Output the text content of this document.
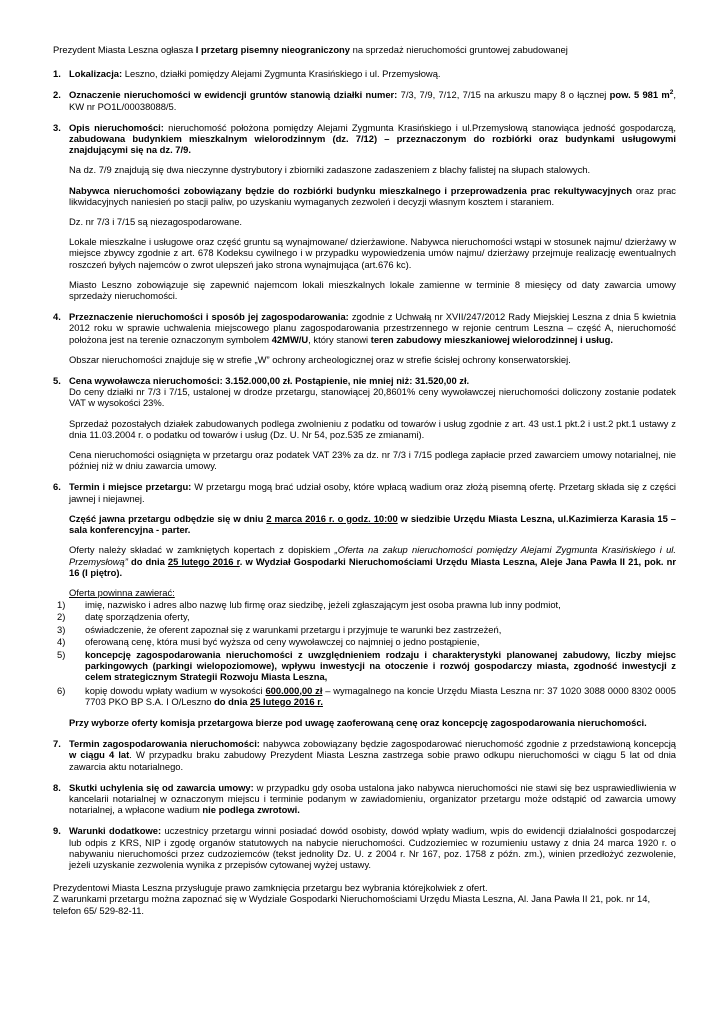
Prezydent Miasta Leszna ogłasza I przetarg pisemny nieograniczony na sprzedaż nieruchomości gruntowej zabudowanej

1. Lokalizacja: Leszno, działki pomiędzy Alejami Zygmunta Krasińskiego i ul. Przemysłową.

2. Oznaczenie nieruchomości w ewidencji gruntów stanowią działki numer: 7/3, 7/9, 7/12, 7/15 na arkuszu mapy 8 o łącznej pow. 5 981 $m^2$, KW nr PO1L/00038088/5.

3. Opis nieruchomości: nieruchomość położona pomiędzy Alejami Zygmunta Krasińskiego i ul.Przemysłową stanowiąca jedność gospodarczą, zabudowana budynkiem mieszkalnym wielorodzinnym (dz. 7/12) – przeznaczonym do rozbiórki oraz budynkami usługowymi znajdującymi się na dz. 7/9.

Na dz. 7/9 znajdują się dwa nieczynne dystrybutory i zbiorniki zadaszone zadaszeniem z blachy falistej na słupach stalowych.

Nabywca nieruchomości zobowiązany będzie do rozbiórki budynku mieszkalnego i przeprowadzenia prac rekultywacyjnych oraz prac likwidacyjnych naniesień po stacji paliw, po uzyskaniu wymaganych zezwoleń i decyzji własnym kosztem i staraniem.

Dz. nr 7/3 i 7/15 są niezagospodarowane.

Lokale mieszkalne i usługowe oraz część gruntu są wynajmowane/ dzierżawione. Nabywca nieruchomości wstąpi w stosunek najmu/ dzierżawy w miejsce zbywcy zgodnie z art. 678 Kodeksu cywilnego i w przypadku wypowiedzenia umów najmu/ dzierżawy przejmuje realizację ewentualnych roszczeń byłych najemców o zwrot ulepszeń jako strona wynajmująca (art.676 kc).

Miasto Leszno zobowiązuje się zapewnić najemcom lokali mieszkalnych lokale zamienne w terminie 8 miesięcy od daty zawarcia umowy sprzedaży nieruchomości.

4. Przeznaczenie nieruchomości i sposób jej zagospodarowania: zgodnie z Uchwałą nr XVII/247/2012 Rady Miejskiej Leszna z dnia 5 kwietnia 2012 roku w sprawie uchwalenia miejscowego planu zagospodarowania przestrzennego w rejonie centrum Leszna – część A, nieruchomość położona jest na terenie oznaczonym symbolem 42MW/U, który stanowi teren zabudowy mieszkaniowej wielorodzinnej i usług.

Obszar nieruchomości znajduje się w strefie „W” ochrony archeologicznej oraz w strefie ścisłej ochrony konserwatorskiej.

5. Cena wywoławcza nieruchomości: 3.152.000,00 zł. Postąpienie, nie mniej niż: 31.520,00 zł.
Do ceny działki nr 7/3 i 7/15, ustalonej w drodze przetargu, stanowiącej 20,8601% ceny wywoławczej nieruchomości doliczony zostanie podatek VAT w wysokości 23%.

Sprzedaż pozostałych działek zabudowanych podlega zwolnieniu z podatku od towarów i usług zgodnie z art. 43 ust.1 pkt.2 i ust.2 pkt.1 ustawy z dnia 11.03.2004 r. o podatku od towarów i usług (Dz. U. Nr 54, poz.535 ze zmianami).

Cena nieruchomości osiągnięta w przetargu oraz podatek VAT 23% za dz. nr 7/3 i 7/15 podlega zapłacie przed zawarciem umowy notarialnej, nie później niż w dniu zawarcia umowy.

6. Termin i miejsce przetargu: W przetargu mogą brać udział osoby, które wpłacą wadium oraz złożą pisemną ofertę. Przetarg składa się z części jawnej i niejawnej.

Część jawna przetargu odbędzie się w dniu 2 marca 2016 r. o godz. 10:00 w siedzibie Urzędu Miasta Leszna, ul.Kazimierza Karasia 15 – sala konferencyjna - parter.

Oferty należy składać w zamkniętych kopertach z dopiskiem „Oferta na zakup nieruchomości pomiędzy Alejami Zygmunta Krasińskiego i ul. Przemysłową” do dnia 25 lutego 2016 r. w Wydział Gospodarki Nieruchomościami Urzędu Miasta Leszna, Aleje Jana Pawła II 21, pok. nr 16 (I piętro).

Oferta powinna zawierać:

1)	imię, nazwisko i adres albo nazwę lub firmę oraz siedzibę, jeżeli zgłaszającym jest osoba prawna lub inny podmiot,
2)	datę sporządzenia oferty,
3)	oświadczenie, że oferent zapoznał się z warunkami przetargu i przyjmuje te warunki bez zastrzeżeń,
4)	oferowaną cenę, która musi być wyższa od ceny wywoławczej co najmniej o jedno postąpienie,
5)	koncepcję zagospodarowania nieruchomości z uwzględnieniem rodzaju i charakterystyki planowanej zabudowy, liczby miejsc parkingowych (parkingi wielopoziomowe), wpływu inwestycji na otoczenie i rozwój gospodarczy miasta, zgodność inwestycji z celem strategicznym Strategii Rozwoju Miasta Leszna,
6)	kopię dowodu wpłaty wadium w wysokości 600.000,00 zł – wymagalnego na koncie Urzędu Miasta Leszna nr: 37 1020 3088 0000 8302 0005 7703 PKO BP S.A. I O/Leszno do dnia 25 lutego 2016 r.

Przy wyborze oferty komisja przetargowa bierze pod uwagę zaoferowaną cenę oraz koncepcję zagospodarowania nieruchomości.

7. Termin zagospodarowania nieruchomości: nabywca zobowiązany będzie zagospodarować nieruchomość zgodnie z przedstawioną koncepcją w ciągu 4 lat. W przypadku braku zabudowy Prezydent Miasta Leszna zastrzega sobie prawo odkupu nieruchomości w ciągu 5 lat od dnia zawarcia aktu notarialnego.

8. Skutki uchylenia się od zawarcia umowy: w przypadku gdy osoba ustalona jako nabywca nieruchomości nie stawi się bez usprawiedliwienia w kancelarii notarialnej w oznaczonym miejscu i terminie podanym w zawiadomieniu, organizator przetargu może odstąpić od zawarcia umowy notarialnej, a wpłacone wadium nie podlega zwrotowi.

9. Warunki dodatkowe: uczestnicy przetargu winni posiadać dowód osobisty, dowód wpłaty wadium, wpis do ewidencji działalności gospodarczej lub odpis z KRS, NIP i zgodę organów statutowych na nabycie nieruchomości. Cudzoziemiec w rozumieniu ustawy z dnia 24 marca 1920 r. o nabywaniu nieruchomości przez cudzoziemców (tekst jednolity Dz. U. z 2004 r. Nr 167, poz. 1758 z późn. zm.), winien przedłożyć zezwolenie, jeżeli uzyskanie zezwolenia wynika z przepisów cytowanej wyżej ustawy.

Prezydentowi Miasta Leszna przysługuje prawo zamknięcia przetargu bez wybrania którejkolwiek z ofert.

Z warunkami przetargu można zapoznać się w Wydziale Gospodarki Nieruchomościami Urzędu Miasta Leszna, Al. Jana Pawła II 21, pok. nr 14, telefon 65/ 529-82-11.
